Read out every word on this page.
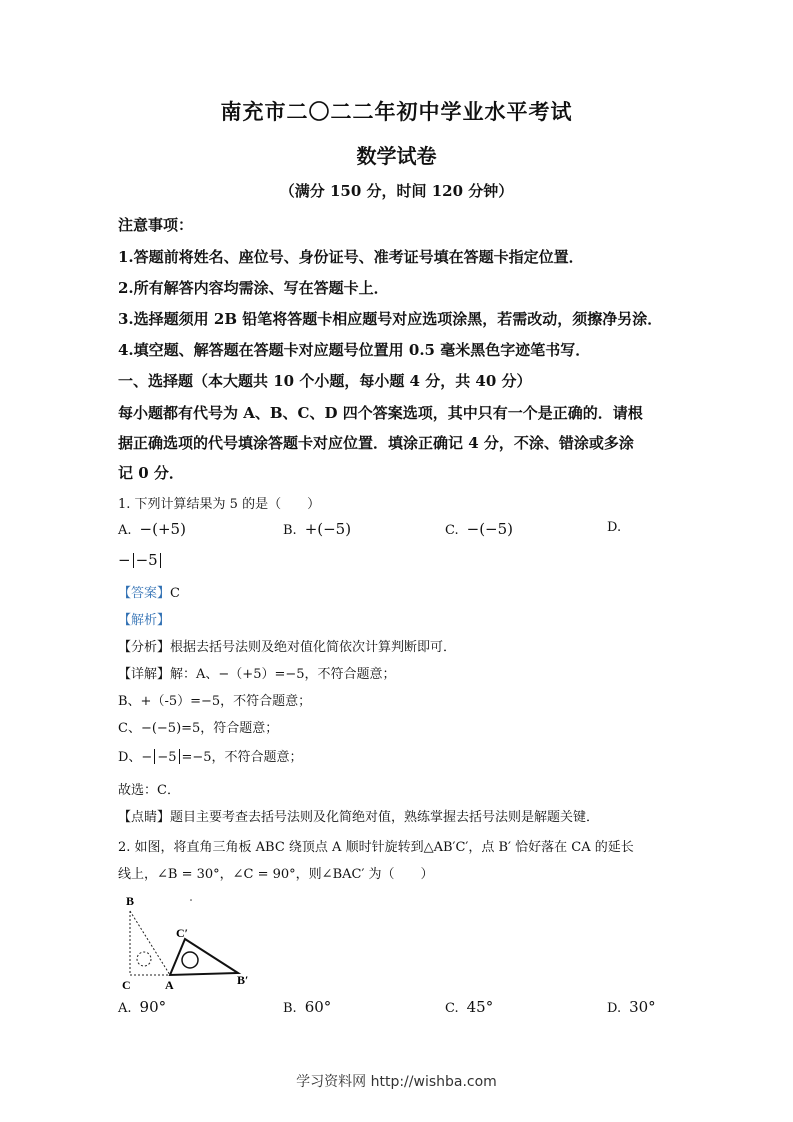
南充市二〇二二年初中学业水平考试
数学试卷
（满分 150 分，时间 120 分钟）
注意事项：
1.答题前将姓名、座位号、身份证号、准考证号填在答题卡指定位置．
2.所有解答内容均需涂、写在答题卡上．
3.选择题须用 2B 铅笔将答题卡相应题号对应选项涂黑，若需改动，须擦净另涂．
4.填空题、解答题在答题卡对应题号位置用 0.5 毫米黑色字迹笔书写．
一、选择题（本大题共 10 个小题，每小题 4 分，共 40 分）
每小题都有代号为 A、B、C、D 四个答案选项，其中只有一个是正确的．请根
据正确选项的代号填涂答题卡对应位置．填涂正确记 4 分，不涂、错涂或多涂
记 0 分．
1. 下列计算结果为 5 的是（　　）
A. −(+5)	B. +(−5)	C. −(−5)	D.
− −5
【答案】C
【解析】
【分析】根据去括号法则及绝对值化简依次计算判断即可．
【详解】解：A、−（+5）=−5，不符合题意；
B、+（-5）=−5，不符合题意；
C、−(−5)=5，符合题意；
D、− −5 =−5，不符合题意；
故选：C．
【点睛】题目主要考查去括号法则及化简绝对值，熟练掌握去括号法则是解题关键．
2. 如图，将直角三角板 ABC 绕顶点 A 顺时针旋转到△AB′C′，点 B′ 恰好落在 CA 的延长
线上，∠B = 30°，∠C = 90°，则∠BAC′ 为（　　）
B
C	A
C′
B′
A. 90°	B. 60°	C. 45°	D. 30°
学习资料网 http://wishba.com
